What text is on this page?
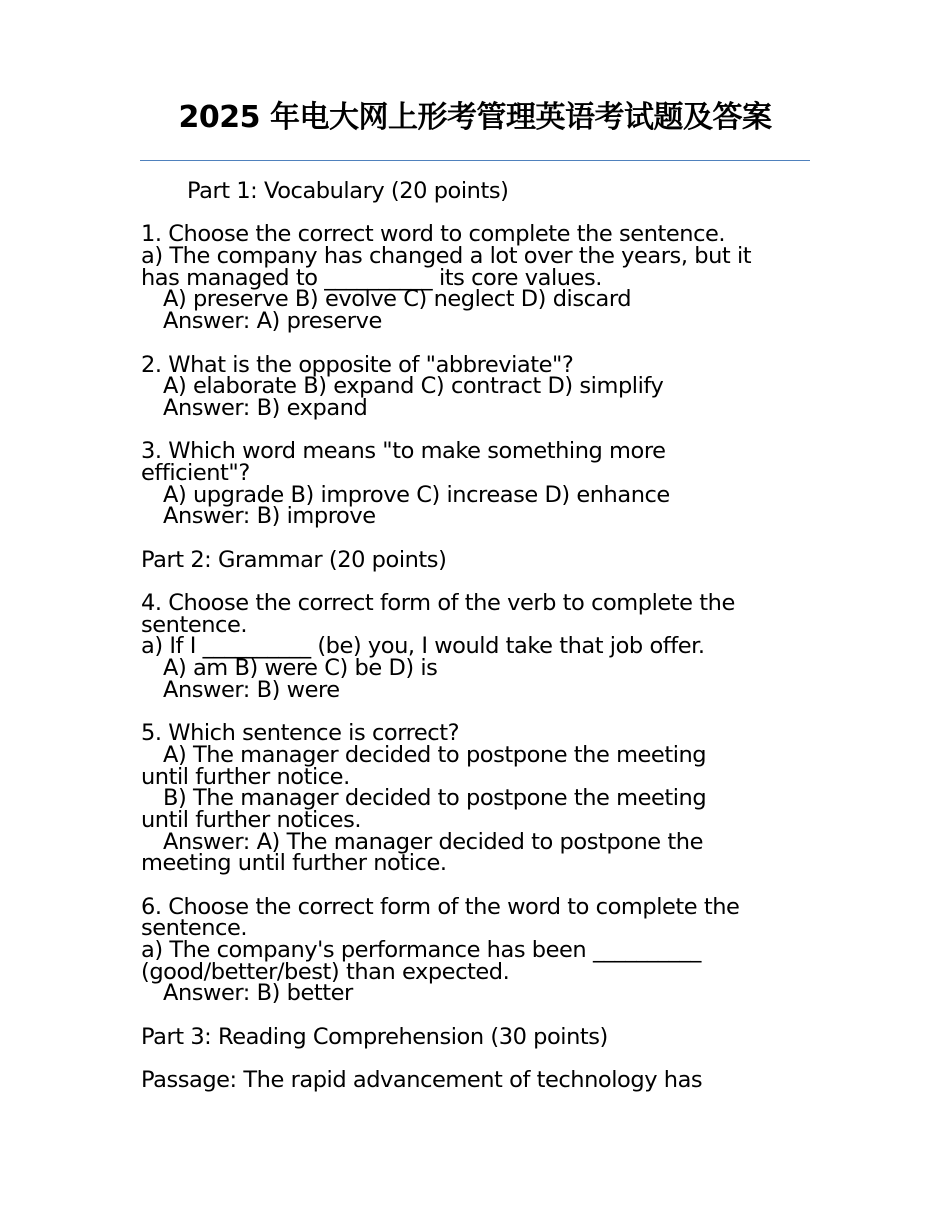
2025 年电大网上形考管理英语考试题及答案
Part 1: Vocabulary (20 points)
1. Choose the correct word to complete the sentence.
a) The company has changed a lot over the years, but it
has managed to __________ its core values.
A) preserve B) evolve C) neglect D) discard
Answer: A) preserve
2. What is the opposite of "abbreviate"?
A) elaborate B) expand C) contract D) simplify
Answer: B) expand
3. Which word means "to make something more
efficient"?
A) upgrade B) improve C) increase D) enhance
Answer: B) improve
Part 2: Grammar (20 points)
4. Choose the correct form of the verb to complete the
sentence.
a) If I __________ (be) you, I would take that job offer.
A) am B) were C) be D) is
Answer: B) were
5. Which sentence is correct?
A) The manager decided to postpone the meeting
until further notice.
B) The manager decided to postpone the meeting
until further notices.
Answer: A) The manager decided to postpone the
meeting until further notice.
6. Choose the correct form of the word to complete the
sentence.
a) The company's performance has been __________
(good/better/best) than expected.
Answer: B) better
Part 3: Reading Comprehension (30 points)
Passage: The rapid advancement of technology has
